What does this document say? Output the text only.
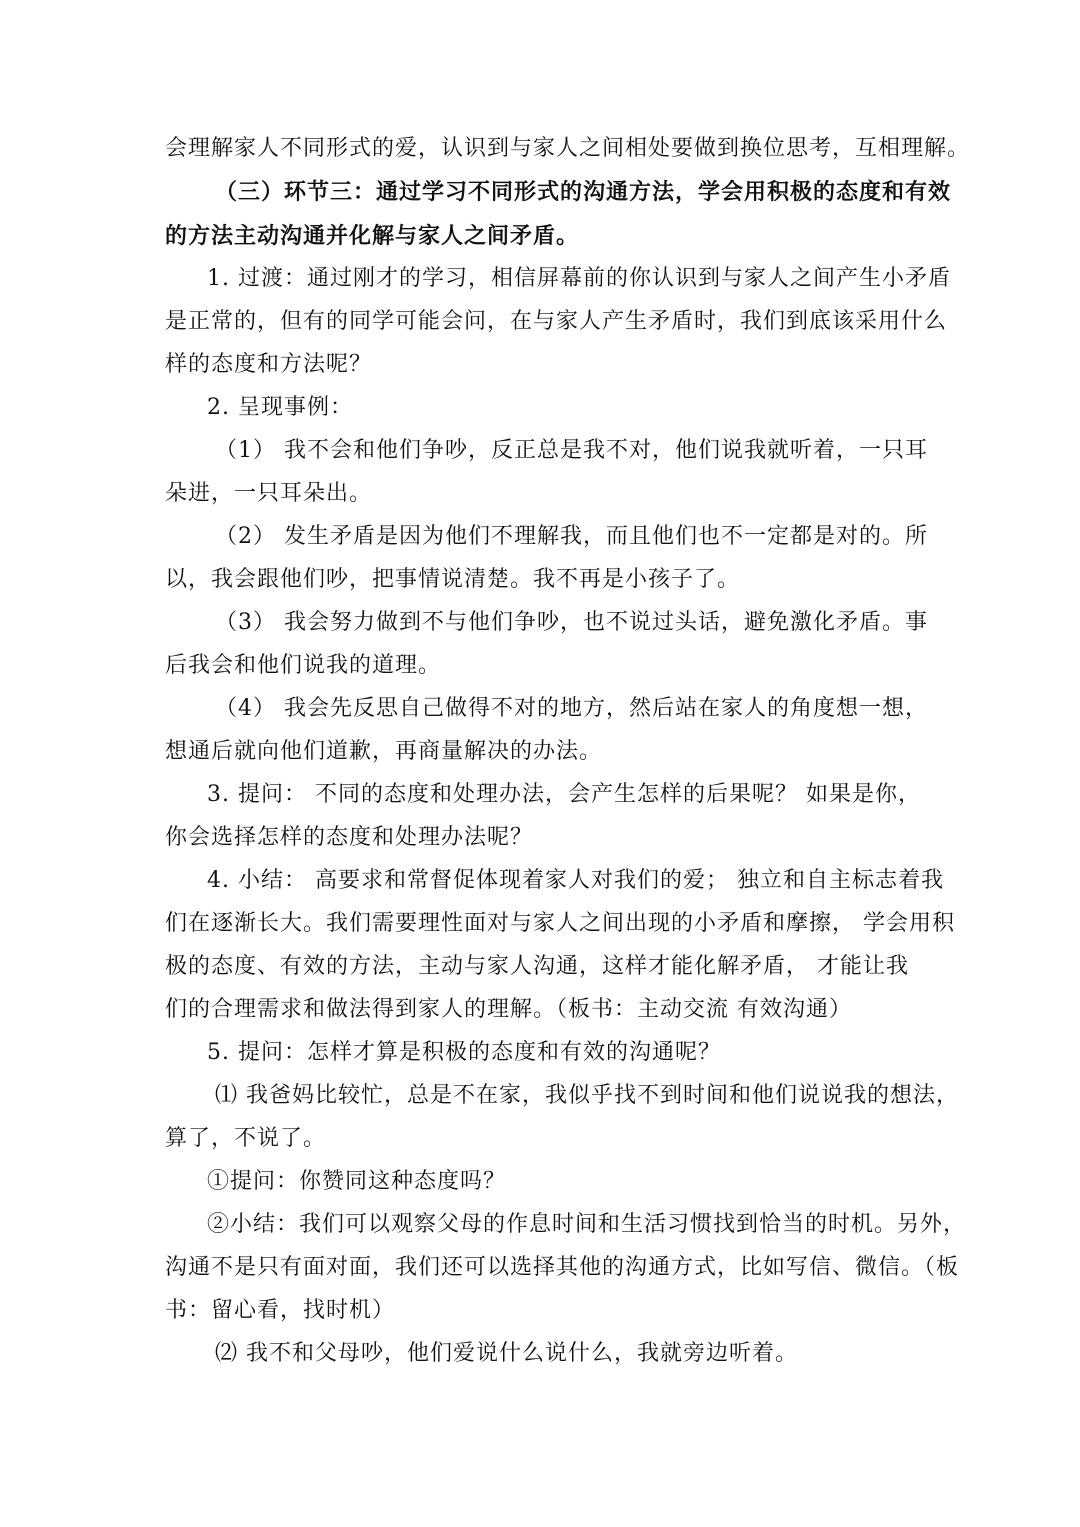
会理解家人不同形式的爱，认识到与家人之间相处要做到换位思考，互相理解。
（三）环节三：通过学习不同形式的沟通方法，学会用积极的态度和有效
的方法主动沟通并化解与家人之间矛盾。
1. 过渡：通过刚才的学习，相信屏幕前的你认识到与家人之间产生小矛盾
是正常的，但有的同学可能会问，在与家人产生矛盾时，我们到底该采用什么
样的态度和方法呢？
2. 呈现事例：
（1） 我不会和他们争吵，反正总是我不对，他们说我就听着，一只耳
朵进，一只耳朵出。
（2） 发生矛盾是因为他们不理解我，而且他们也不一定都是对的。所
以，我会跟他们吵，把事情说清楚。我不再是小孩子了。
（3） 我会努力做到不与他们争吵，也不说过头话，避免激化矛盾。事
后我会和他们说我的道理。
（4） 我会先反思自己做得不对的地方，然后站在家人的角度想一想，
想通后就向他们道歉，再商量解决的办法。
3. 提问： 不同的态度和处理办法，会产生怎样的后果呢？ 如果是你，
你会选择怎样的态度和处理办法呢？
4. 小结： 高要求和常督促体现着家人对我们的爱； 独立和自主标志着我
们在逐渐长大。我们需要理性面对与家人之间出现的小矛盾和摩擦， 学会用积
极的态度、有效的方法，主动与家人沟通，这样才能化解矛盾， 才能让我
们的合理需求和做法得到家人的理解。（板书：主动交流 有效沟通）
5. 提问：怎样才算是积极的态度和有效的沟通呢？
⑴ 我爸妈比较忙，总是不在家，我似乎找不到时间和他们说说我的想法，
算了，不说了。
①提问：你赞同这种态度吗？
②小结：我们可以观察父母的作息时间和生活习惯找到恰当的时机。另外，
沟通不是只有面对面，我们还可以选择其他的沟通方式，比如写信、微信。（板
书：留心看，找时机）
⑵ 我不和父母吵，他们爱说什么说什么，我就旁边听着。
